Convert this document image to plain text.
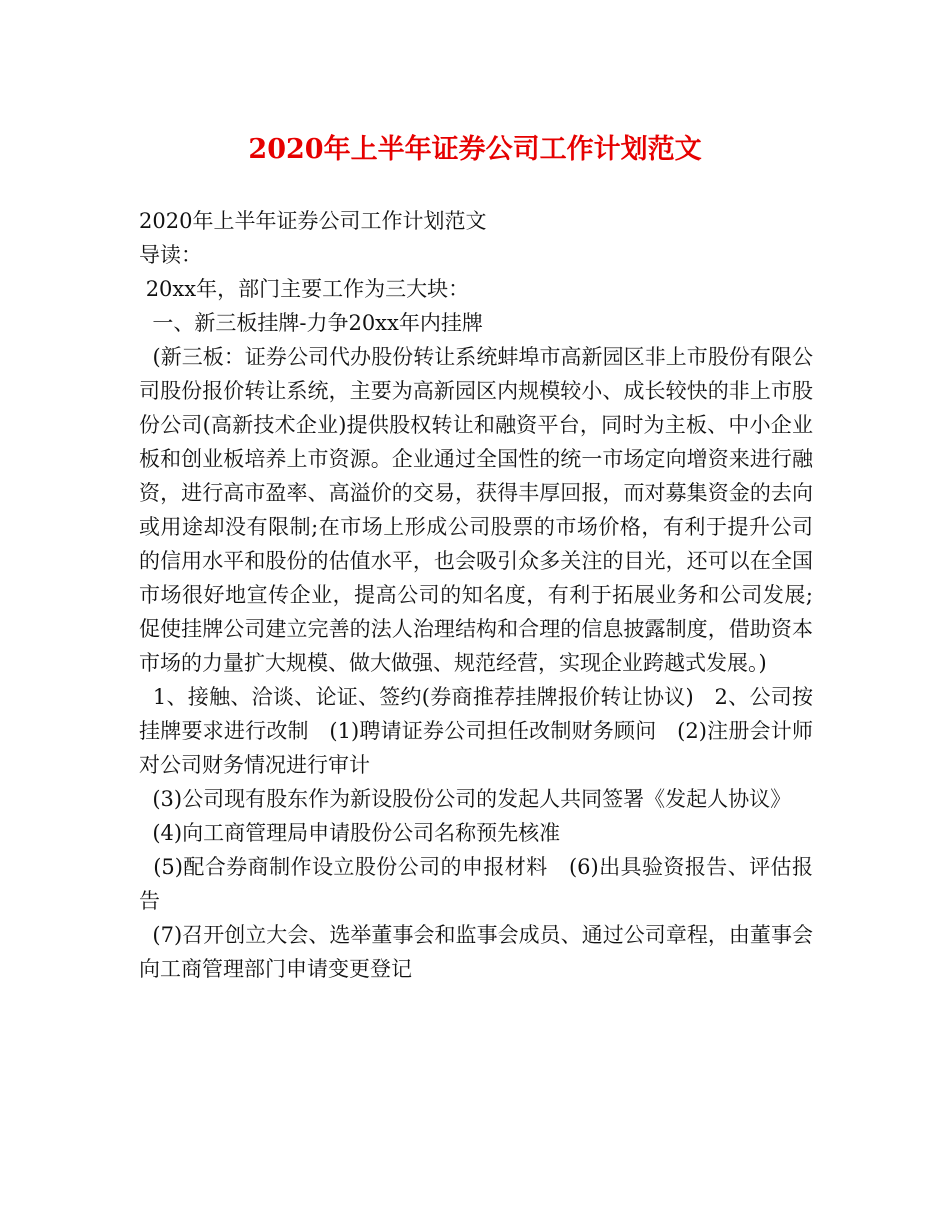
2020年上半年证券公司工作计划范文

2020年上半年证券公司工作计划范文

导读：

20xx年，部门主要工作为三大块：

一、新三板挂牌-力争20xx年内挂牌

(新三板：证券公司代办股份转让系统蚌埠市高新园区非上市股份有限公司股份报价转让系统，主要为高新园区内规模较小、成长较快的非上市股份公司(高新技术企业)提供股权转让和融资平台，同时为主板、中小企业板和创业板培养上市资源。企业通过全国性的统一市场定向增资来进行融资，进行高市盈率、高溢价的交易，获得丰厚回报，而对募集资金的去向或用途却没有限制;在市场上形成公司股票的市场价格，有利于提升公司的信用水平和股份的估值水平，也会吸引众多关注的目光，还可以在全国市场很好地宣传企业，提高公司的知名度，有利于拓展业务和公司发展;促使挂牌公司建立完善的法人治理结构和合理的信息披露制度，借助资本市场的力量扩大规模、做大做强、规范经营，实现企业跨越式发展。)

1、接触、洽谈、论证、签约(券商推荐挂牌报价转让协议)   2、公司按挂牌要求进行改制   (1)聘请证券公司担任改制财务顾问   (2)注册会计师对公司财务情况进行审计

(3)公司现有股东作为新设股份公司的发起人共同签署《发起人协议》

(4)向工商管理局申请股份公司名称预先核准

(5)配合券商制作设立股份公司的申报材料   (6)出具验资报告、评估报告

(7)召开创立大会、选举董事会和监事会成员、通过公司章程，由董事会向工商管理部门申请变更登记
